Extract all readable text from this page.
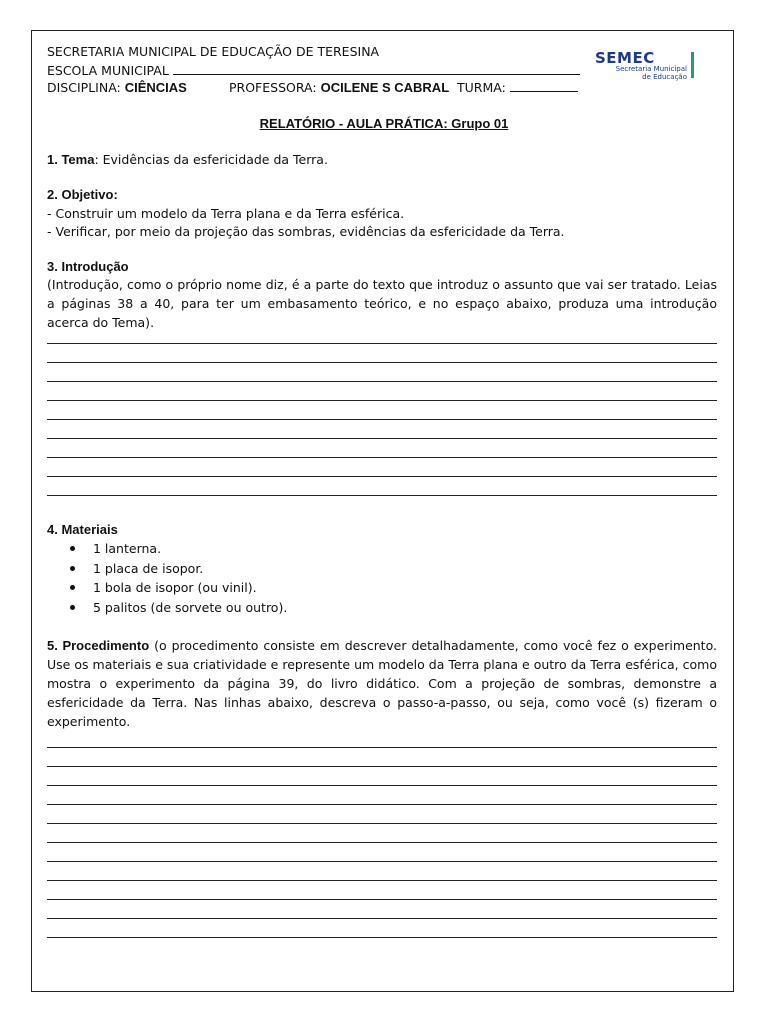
SECRETARIA MUNICIPAL DE EDUCAÇÃO DE TERESINA
ESCOLA MUNICIPAL
DISCIPLINA: CIÊNCIAS	PROFESSORA: OCILENE S CABRAL TURMA:
SEMEC
Secretaria Municipal
de Educação
RELATÓRIO - AULA PRÁTICA: Grupo 01
1. Tema: Evidências da esfericidade da Terra.
2. Objetivo:
- Construir um modelo da Terra plana e da Terra esférica.
- Verificar, por meio da projeção das sombras, evidências da esfericidade da Terra.
3. Introdução
(Introdução, como o próprio nome diz, é a parte do texto que introduz o assunto que vai ser tratado. Leias a páginas 38 a 40, para ter um embasamento teórico, e no espaço abaixo, produza uma introdução acerca do Tema).
4. Materiais
1 lanterna.
1 placa de isopor.
1 bola de isopor (ou vinil).
5 palitos (de sorvete ou outro).
5. Procedimento (o procedimento consiste em descrever detalhadamente, como você fez o experimento. Use os materiais e sua criatividade e represente um modelo da Terra plana e outro da Terra esférica, como mostra o experimento da página 39, do livro didático. Com a projeção de sombras, demonstre a esfericidade da Terra. Nas linhas abaixo, descreva o passo-a-passo, ou seja, como você (s) fizeram o experimento.
